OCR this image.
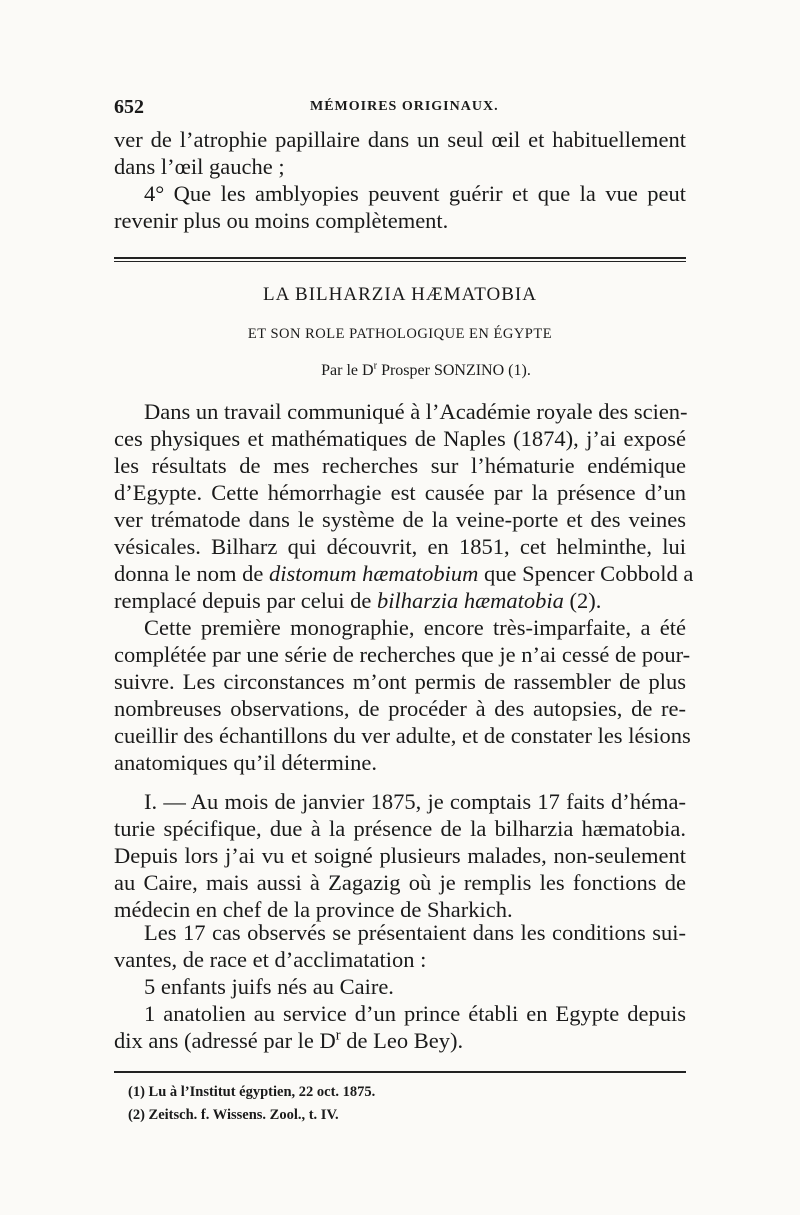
652	MÉMOIRES ORIGINAUX.
ver de l’atrophie papillaire dans un seul œil et habituellement
dans l’œil gauche ;
4° Que les amblyopies peuvent guérir et que la vue peut
revenir plus ou moins complètement.
LA BILHARZIA HÆMATOBIA
ET SON ROLE PATHOLOGIQUE EN ÉGYPTE
Par le $D^r$ Prosper SONZINO (1).
Dans un travail communiqué à l’Académie royale des scien-
ces physiques et mathématiques de Naples (1874), j’ai exposé
les résultats de mes recherches sur l’hématurie endémique
d’Egypte. Cette hémorrhagie est causée par la présence d’un
ver trématode dans le système de la veine-porte et des veines
vésicales. Bilharz qui découvrit, en 1851, cet helminthe, lui
donna le nom de distomum hæmatobium que Spencer Cobbold a
remplacé depuis par celui de bilharzia hæmatobia (2).
Cette première monographie, encore très-imparfaite, a été
complétée par une série de recherches que je n’ai cessé de pour-
suivre. Les circonstances m’ont permis de rassembler de plus
nombreuses observations, de procéder à des autopsies, de re-
cueillir des échantillons du ver adulte, et de constater les lésions
anatomiques qu’il détermine.
I. — Au mois de janvier 1875, je comptais 17 faits d’héma-
turie spécifique, due à la présence de la bilharzia hæmatobia.
Depuis lors j’ai vu et soigné plusieurs malades, non-seulement
au Caire, mais aussi à Zagazig où je remplis les fonctions de
médecin en chef de la province de Sharkich.
Les 17 cas observés se présentaient dans les conditions sui-
vantes, de race et d’acclimatation :
5 enfants juifs nés au Caire.
1 anatolien au service d’un prince établi en Egypte depuis
dix ans (adressé par le $D^r$ de Leo Bey).
(1) Lu à l’Institut égyptien, 22 oct. 1875.
(2) Zeitsch. f. Wissens. Zool., t. IV.
